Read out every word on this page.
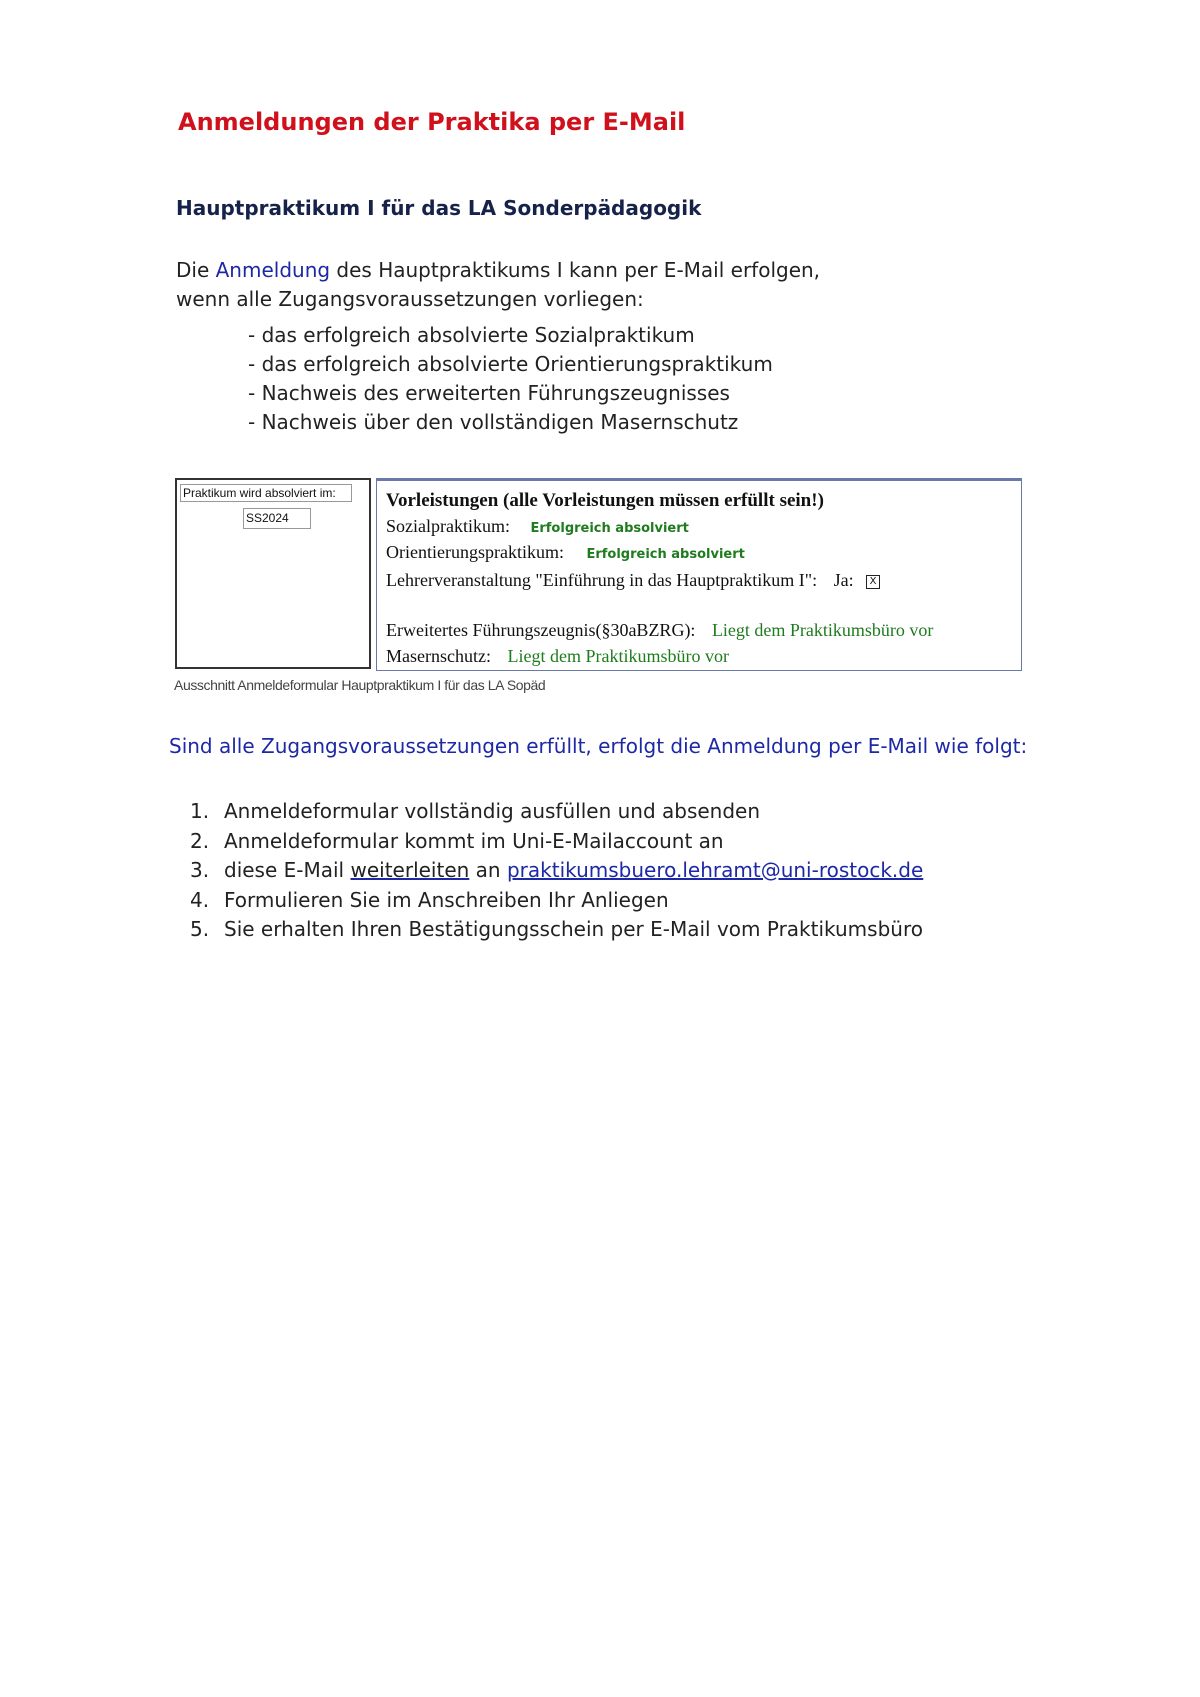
Anmeldungen der Praktika per E-Mail
Hauptpraktikum I für das LA Sonderpädagogik
Die Anmeldung des Hauptpraktikums I kann per E-Mail erfolgen,
wenn alle Zugangsvoraussetzungen vorliegen:
- das erfolgreich absolvierte Sozialpraktikum
- das erfolgreich absolvierte Orientierungspraktikum
- Nachweis des erweiterten Führungszeugnisses
- Nachweis über den vollständigen Masernschutz
Praktikum wird absolviert im:
SS2024
Vorleistungen (alle Vorleistungen müssen erfüllt sein!)
Sozialpraktikum: Erfolgreich absolviert
Orientierungspraktikum: Erfolgreich absolviert
Lehrerveranstaltung "Einführung in das Hauptpraktikum I": Ja: X
Erweitertes Führungszeugnis(§30aBZRG): Liegt dem Praktikumsbüro vor
Masernschutz: Liegt dem Praktikumsbüro vor
Ausschnitt Anmeldeformular Hauptpraktikum I für das LA Sopäd
Sind alle Zugangsvoraussetzungen erfüllt, erfolgt die Anmeldung per E-Mail wie folgt:
1. Anmeldeformular vollständig ausfüllen und absenden
2. Anmeldeformular kommt im Uni-E-Mailaccount an
3. diese E-Mail weiterleiten an praktikumsbuero.lehramt@uni-rostock.de
4. Formulieren Sie im Anschreiben Ihr Anliegen
5. Sie erhalten Ihren Bestätigungsschein per E-Mail vom Praktikumsbüro
